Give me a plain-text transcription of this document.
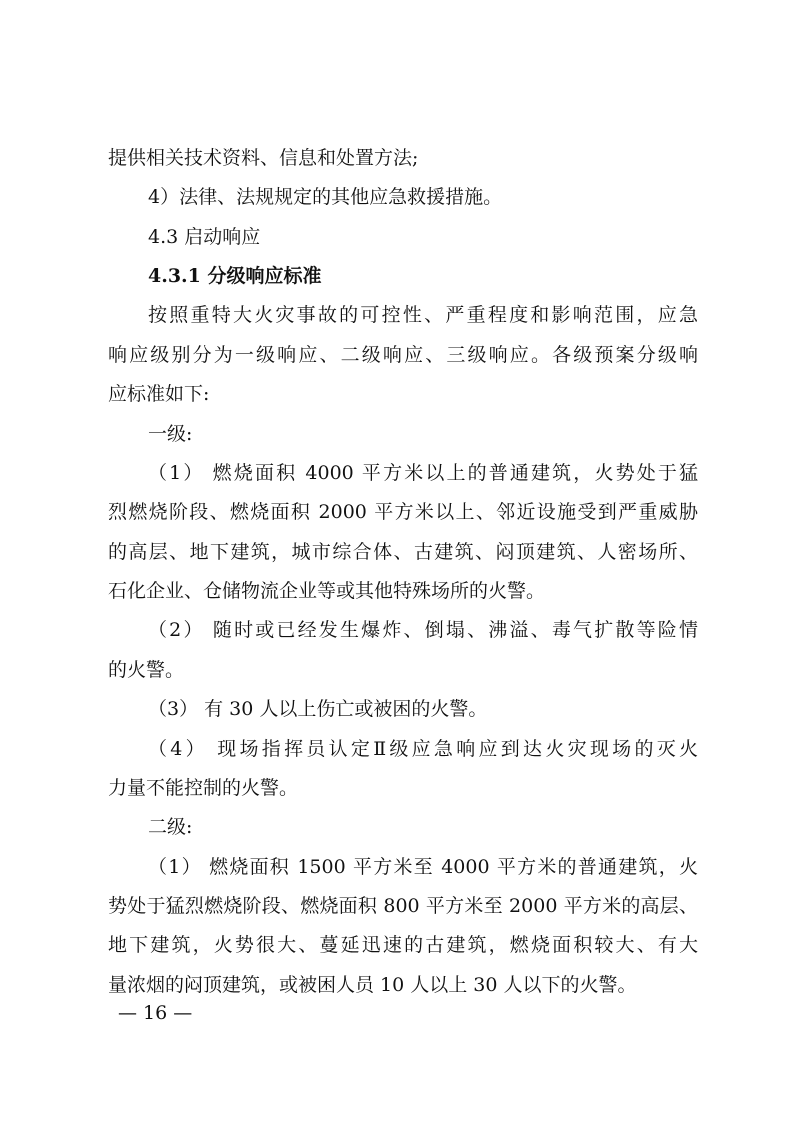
提供相关技术资料、信息和处置方法;
4）法律、法规规定的其他应急救援措施。
4.3 启动响应
4.3.1 分级响应标准
按照重特大火灾事故的可控性、严重程度和影响范围，应急
响应级别分为一级响应、二级响应、三级响应。各级预案分级响
应标准如下:
一级:
（1） 燃烧面积 4000 平方米以上的普通建筑，火势处于猛
烈燃烧阶段、燃烧面积 2000 平方米以上、邻近设施受到严重威胁
的高层、地下建筑，城市综合体、古建筑、闷顶建筑、人密场所、
石化企业、仓储物流企业等或其他特殊场所的火警。
（2） 随时或已经发生爆炸、倒塌、沸溢、毒气扩散等险情
的火警。
（3） 有 30 人以上伤亡或被困的火警。
（4） 现场指挥员认定Ⅱ级应急响应到达火灾现场的灭火
力量不能控制的火警。
二级:
（1） 燃烧面积 1500 平方米至 4000 平方米的普通建筑，火
势处于猛烈燃烧阶段、燃烧面积 800 平方米至 2000 平方米的高层、
地下建筑，火势很大、蔓延迅速的古建筑，燃烧面积较大、有大
量浓烟的闷顶建筑，或被困人员 10 人以上 30 人以下的火警。
— 16 —
